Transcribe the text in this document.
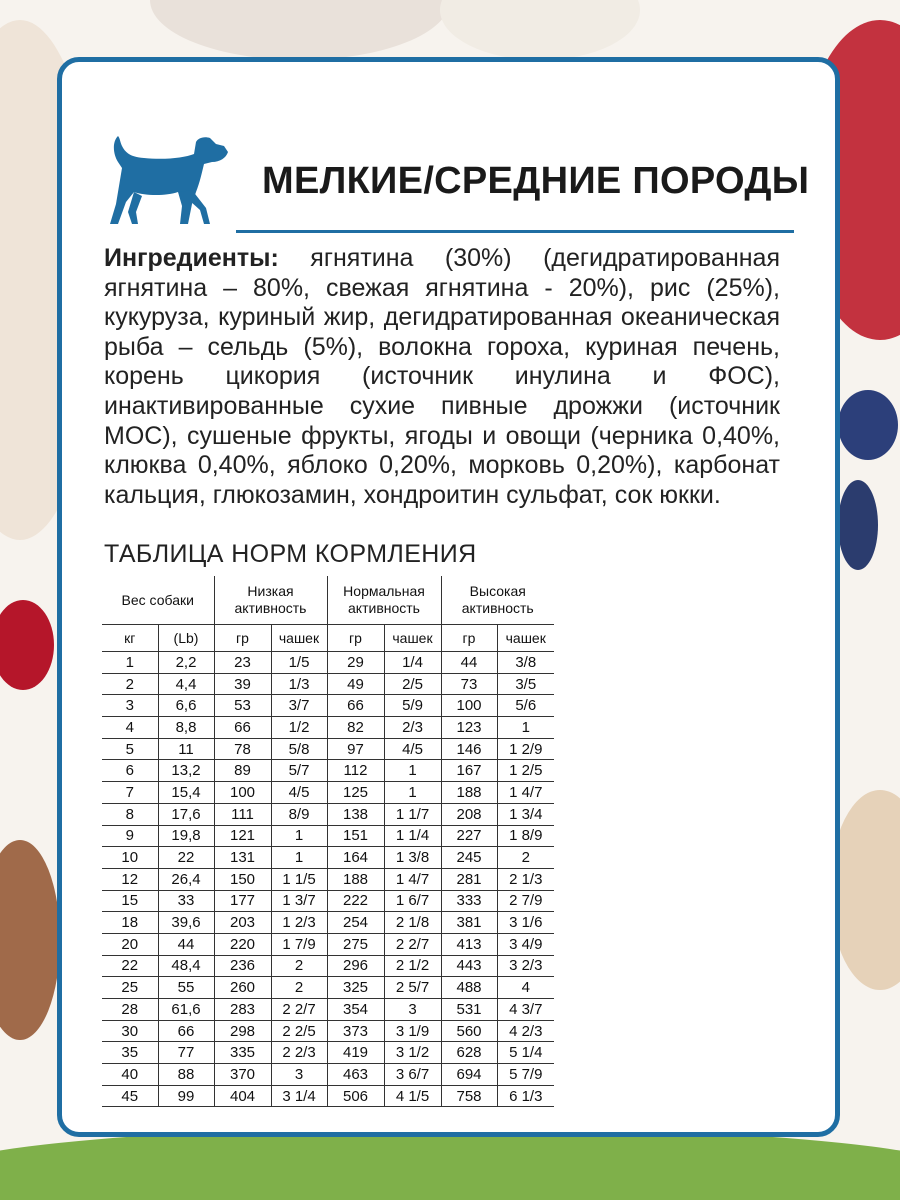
МЕЛКИЕ/СРЕДНИЕ ПОРОДЫ
Ингредиенты: ягнятина (30%) (дегидратированная ягнятина – 80%, свежая ягнятина - 20%), рис (25%), кукуруза, куриный жир, дегидратированная океаническая рыба – сельдь (5%), волокна гороха, куриная печень, корень цикория (источник инулина и ФОС), инактивированные сухие пивные дрожжи (источник МОС), сушеные фрукты, ягоды и овощи (черника 0,40%, клюква 0,40%, яблоко 0,20%, морковь 0,20%), карбонат кальция, глюкозамин, хондроитин сульфат, сок юкки.
ТАБЛИЦА НОРМ КОРМЛЕНИЯ
Вес собаки		Низкая активность		Нормальная активность		Высокая активность	
кг	(Lb)	гр	чашек	гр	чашек	гр	чашек
1	2,2	23	1/5	29	1/4	44	3/8
2	4,4	39	1/3	49	2/5	73	3/5
3	6,6	53	3/7	66	5/9	100	5/6
4	8,8	66	1/2	82	2/3	123	1
5	11	78	5/8	97	4/5	146	1 2/9
6	13,2	89	5/7	112	1	167	1 2/5
7	15,4	100	4/5	125	1	188	1 4/7
8	17,6	111	8/9	138	1 1/7	208	1 3/4
9	19,8	121	1	151	1 1/4	227	1 8/9
10	22	131	1	164	1 3/8	245	2
12	26,4	150	1 1/5	188	1 4/7	281	2 1/3
15	33	177	1 3/7	222	1 6/7	333	2 7/9
18	39,6	203	1 2/3	254	2 1/8	381	3 1/6
20	44	220	1 7/9	275	2 2/7	413	3 4/9
22	48,4	236	2	296	2 1/2	443	3 2/3
25	55	260	2	325	2 5/7	488	4
28	61,6	283	2 2/7	354	3	531	4 3/7
30	66	298	2 2/5	373	3 1/9	560	4 2/3
35	77	335	2 2/3	419	3 1/2	628	5 1/4
40	88	370	3	463	3 6/7	694	5 7/9
45	99	404	3 1/4	506	4 1/5	758	6 1/3
